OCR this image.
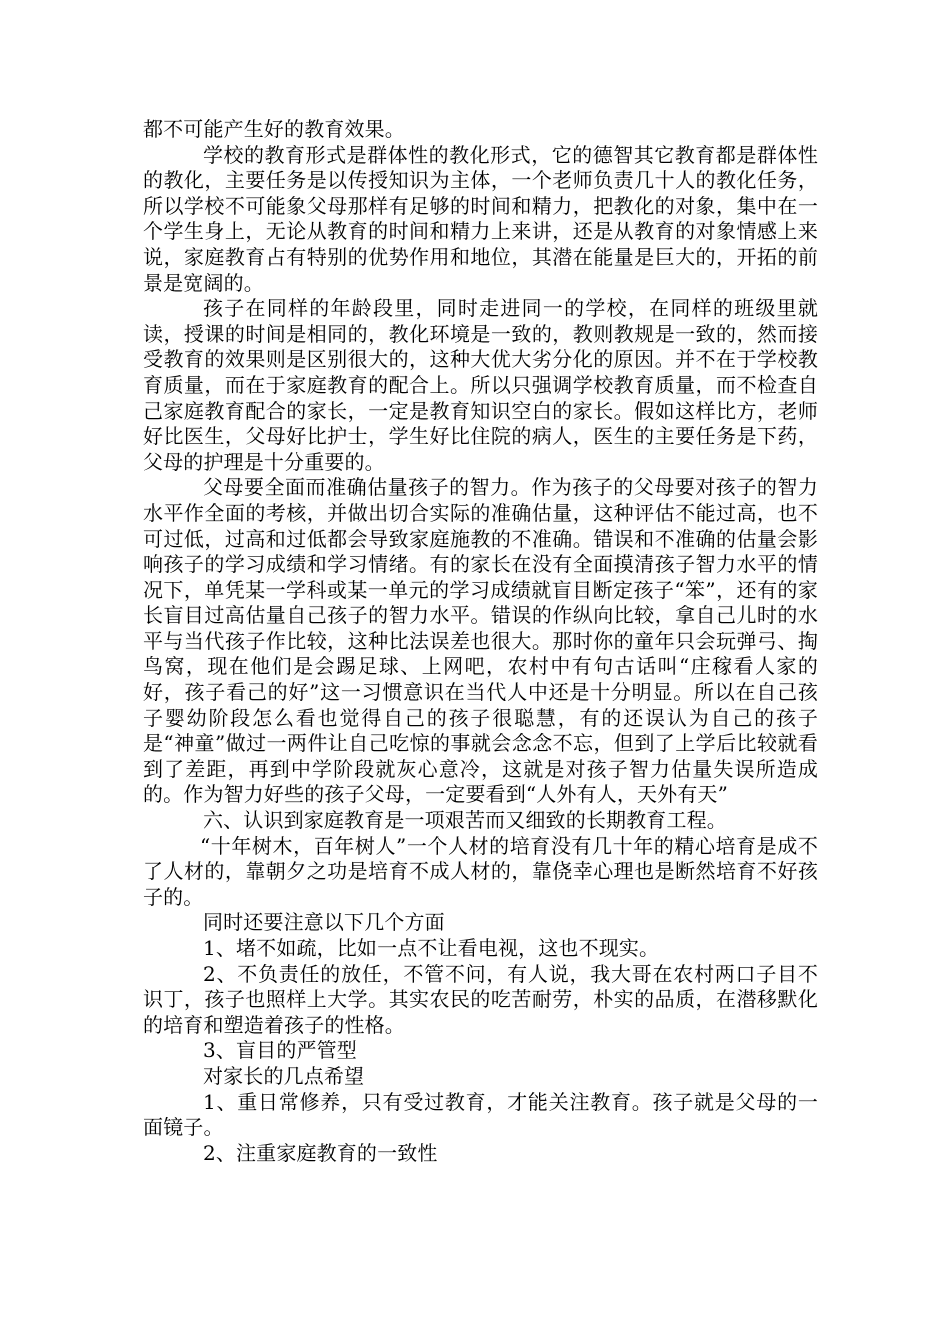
都不可能产生好的教育效果。

学校的教育形式是群体性的教化形式，它的德智其它教育都是群体性的教化，主要任务是以传授知识为主体，一个老师负责几十人的教化任务，所以学校不可能象父母那样有足够的时间和精力，把教化的对象，集中在一个学生身上，无论从教育的时间和精力上来讲，还是从教育的对象情感上来说，家庭教育占有特别的优势作用和地位，其潜在能量是巨大的，开拓的前景是宽阔的。

孩子在同样的年龄段里，同时走进同一的学校，在同样的班级里就读，授课的时间是相同的，教化环境是一致的，教则教规是一致的，然而接受教育的效果则是区别很大的，这种大优大劣分化的原因。并不在于学校教育质量，而在于家庭教育的配合上。所以只强调学校教育质量，而不检查自己家庭教育配合的家长，一定是教育知识空白的家长。假如这样比方，老师好比医生，父母好比护士，学生好比住院的病人，医生的主要任务是下药，父母的护理是十分重要的。

父母要全面而准确估量孩子的智力。作为孩子的父母要对孩子的智力水平作全面的考核，并做出切合实际的准确估量，这种评估不能过高，也不可过低，过高和过低都会导致家庭施教的不准确。错误和不准确的估量会影响孩子的学习成绩和学习情绪。有的家长在没有全面摸清孩子智力水平的情况下，单凭某一学科或某一单元的学习成绩就盲目断定孩子“笨”，还有的家长盲目过高估量自己孩子的智力水平。错误的作纵向比较，拿自己儿时的水平与当代孩子作比较，这种比法误差也很大。那时你的童年只会玩弹弓、掏鸟窝，现在他们是会踢足球、上网吧，农村中有句古话叫“庄稼看人家的好，孩子看己的好”这一习惯意识在当代人中还是十分明显。所以在自己孩子婴幼阶段怎么看也觉得自己的孩子很聪慧，有的还误认为自己的孩子是“神童”做过一两件让自己吃惊的事就会念念不忘，但到了上学后比较就看到了差距，再到中学阶段就灰心意冷，这就是对孩子智力估量失误所造成的。作为智力好些的孩子父母，一定要看到“人外有人，天外有天”

六、认识到家庭教育是一项艰苦而又细致的长期教育工程。

“十年树木，百年树人”一个人材的培育没有几十年的精心培育是成不了人材的，靠朝夕之功是培育不成人材的，靠侥幸心理也是断然培育不好孩子的。

同时还要注意以下几个方面

1、堵不如疏，比如一点不让看电视，这也不现实。

2、不负责任的放任，不管不问，有人说，我大哥在农村两口子目不识丁，孩子也照样上大学。其实农民的吃苦耐劳，朴实的品质，在潜移默化的培育和塑造着孩子的性格。

3、盲目的严管型

对家长的几点希望

1、重日常修养，只有受过教育，才能关注教育。孩子就是父母的一面镜子。

2、注重家庭教育的一致性
